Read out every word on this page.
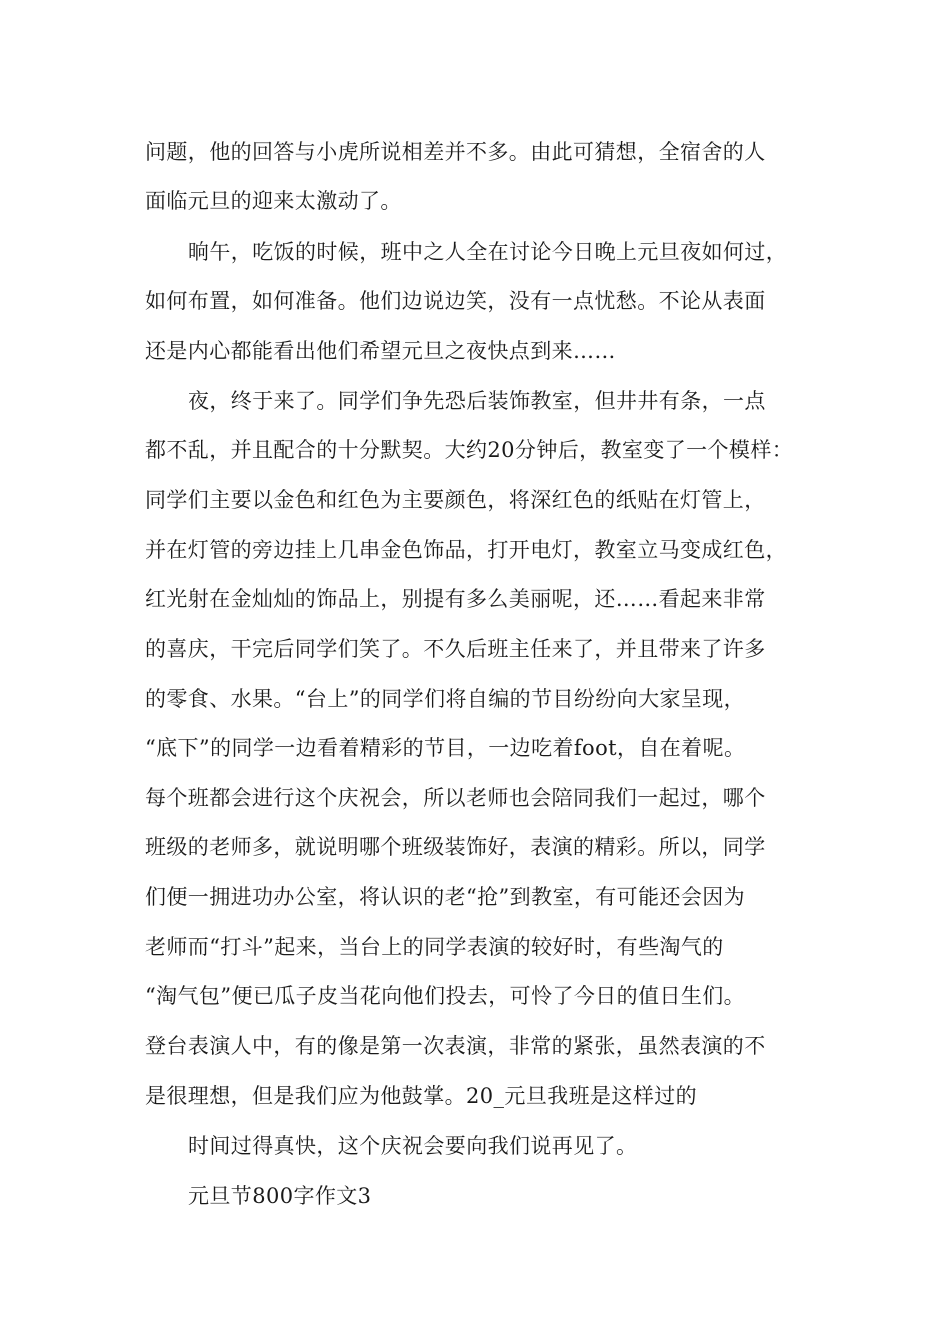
问题，他的回答与小虎所说相差并不多。由此可猜想，全宿舍的人

面临元旦的迎来太激动了。

晌午，吃饭的时候，班中之人全在讨论今日晚上元旦夜如何过，

如何布置，如何准备。他们边说边笑，没有一点忧愁。不论从表面

还是内心都能看出他们希望元旦之夜快点到来……

夜，终于来了。同学们争先恐后装饰教室，但井井有条，一点

都不乱，并且配合的十分默契。大约20分钟后，教室变了一个模样：

同学们主要以金色和红色为主要颜色，将深红色的纸贴在灯管上，

并在灯管的旁边挂上几串金色饰品，打开电灯，教室立马变成红色，

红光射在金灿灿的饰品上，别提有多么美丽呢，还……看起来非常

的喜庆，干完后同学们笑了。不久后班主任来了，并且带来了许多

的零食、水果。“台上”的同学们将自编的节目纷纷向大家呈现，

“底下”的同学一边看着精彩的节目，一边吃着foot，自在着呢。

每个班都会进行这个庆祝会，所以老师也会陪同我们一起过，哪个

班级的老师多，就说明哪个班级装饰好，表演的精彩。所以，同学

们便一拥进功办公室，将认识的老“抢”到教室，有可能还会因为

老师而“打斗”起来，当台上的同学表演的较好时，有些淘气的

“淘气包”便已瓜子皮当花向他们投去，可怜了今日的值日生们。

登台表演人中，有的像是第一次表演，非常的紧张，虽然表演的不

是很理想，但是我们应为他鼓掌。20_元旦我班是这样过的

时间过得真快，这个庆祝会要向我们说再见了。

元旦节800字作文3
